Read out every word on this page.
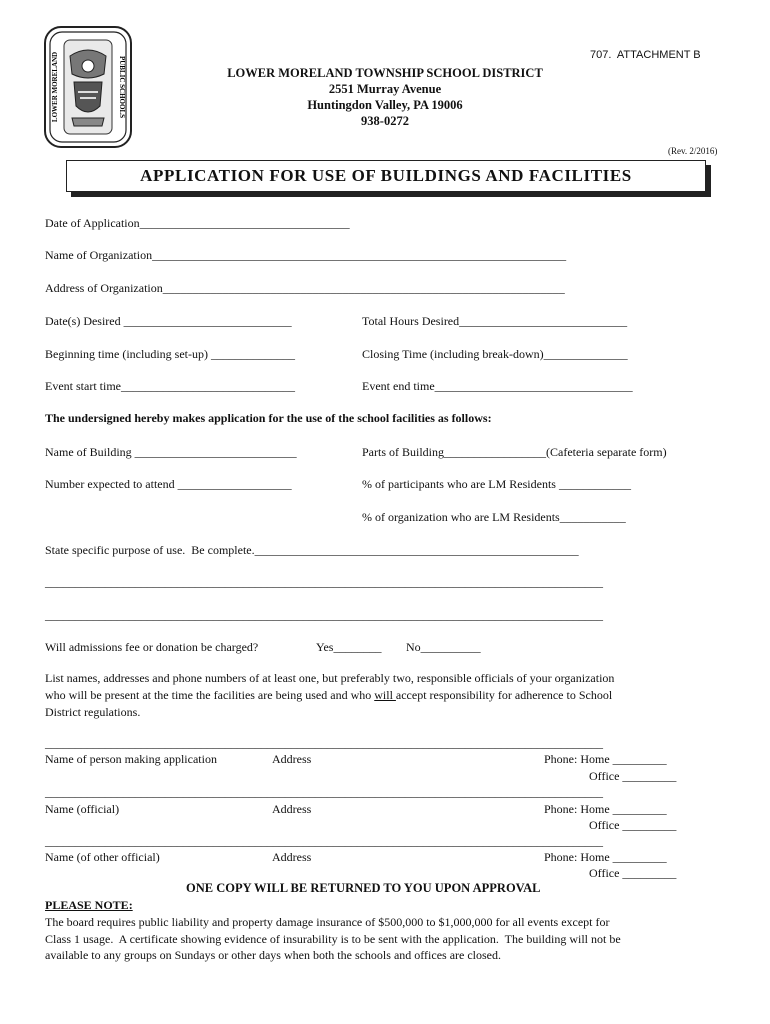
LOWER MORELAND	PUBLIC SCHOOLS
707.  ATTACHMENT B
LOWER MORELAND TOWNSHIP SCHOOL DISTRICT
2551 Murray Avenue
Huntingdon Valley, PA 19006
938-0272
(Rev. 2/2016)
APPLICATION FOR USE OF BUILDINGS AND FACILITIES
Date of Application___________________________________
Name of Organization_____________________________________________________________________
Address of Organization___________________________________________________________________
Date(s) Desired ____________________________	Total Hours Desired____________________________
Beginning time (including set-up) ______________	Closing Time (including break-down)______________
Event start time_____________________________	Event end time_________________________________
The undersigned hereby makes application for the use of the school facilities as follows:
Name of Building ___________________________	Parts of Building_________________(Cafeteria separate form)
Number expected to attend ___________________	% of participants who are LM Residents ____________
% of organization who are LM Residents___________
State specific purpose of use.  Be complete.______________________________________________________
_____________________________________________________________________________________________
_____________________________________________________________________________________________
Will admissions fee or donation be charged?	Yes________ No__________
List names, addresses and phone numbers of at least one, but preferably two, responsible officials of your organization
who will be present at the time the facilities are being used and who will accept responsibility for adherence to School
District regulations.
_____________________________________________________________________________________________
Name of person making application	Address	Phone: Home _________
Office _________
_____________________________________________________________________________________________
Name (official)	Address	Phone: Home _________
Office _________
_____________________________________________________________________________________________
Name (of other official)	Address	Phone: Home _________
Office _________
ONE COPY WILL BE RETURNED TO YOU UPON APPROVAL
PLEASE NOTE:
The board requires public liability and property damage insurance of $500,000 to $1,000,000 for all events except for
Class 1 usage.  A certificate showing evidence of insurability is to be sent with the application.  The building will not be
available to any groups on Sundays or other days when both the schools and offices are closed.
